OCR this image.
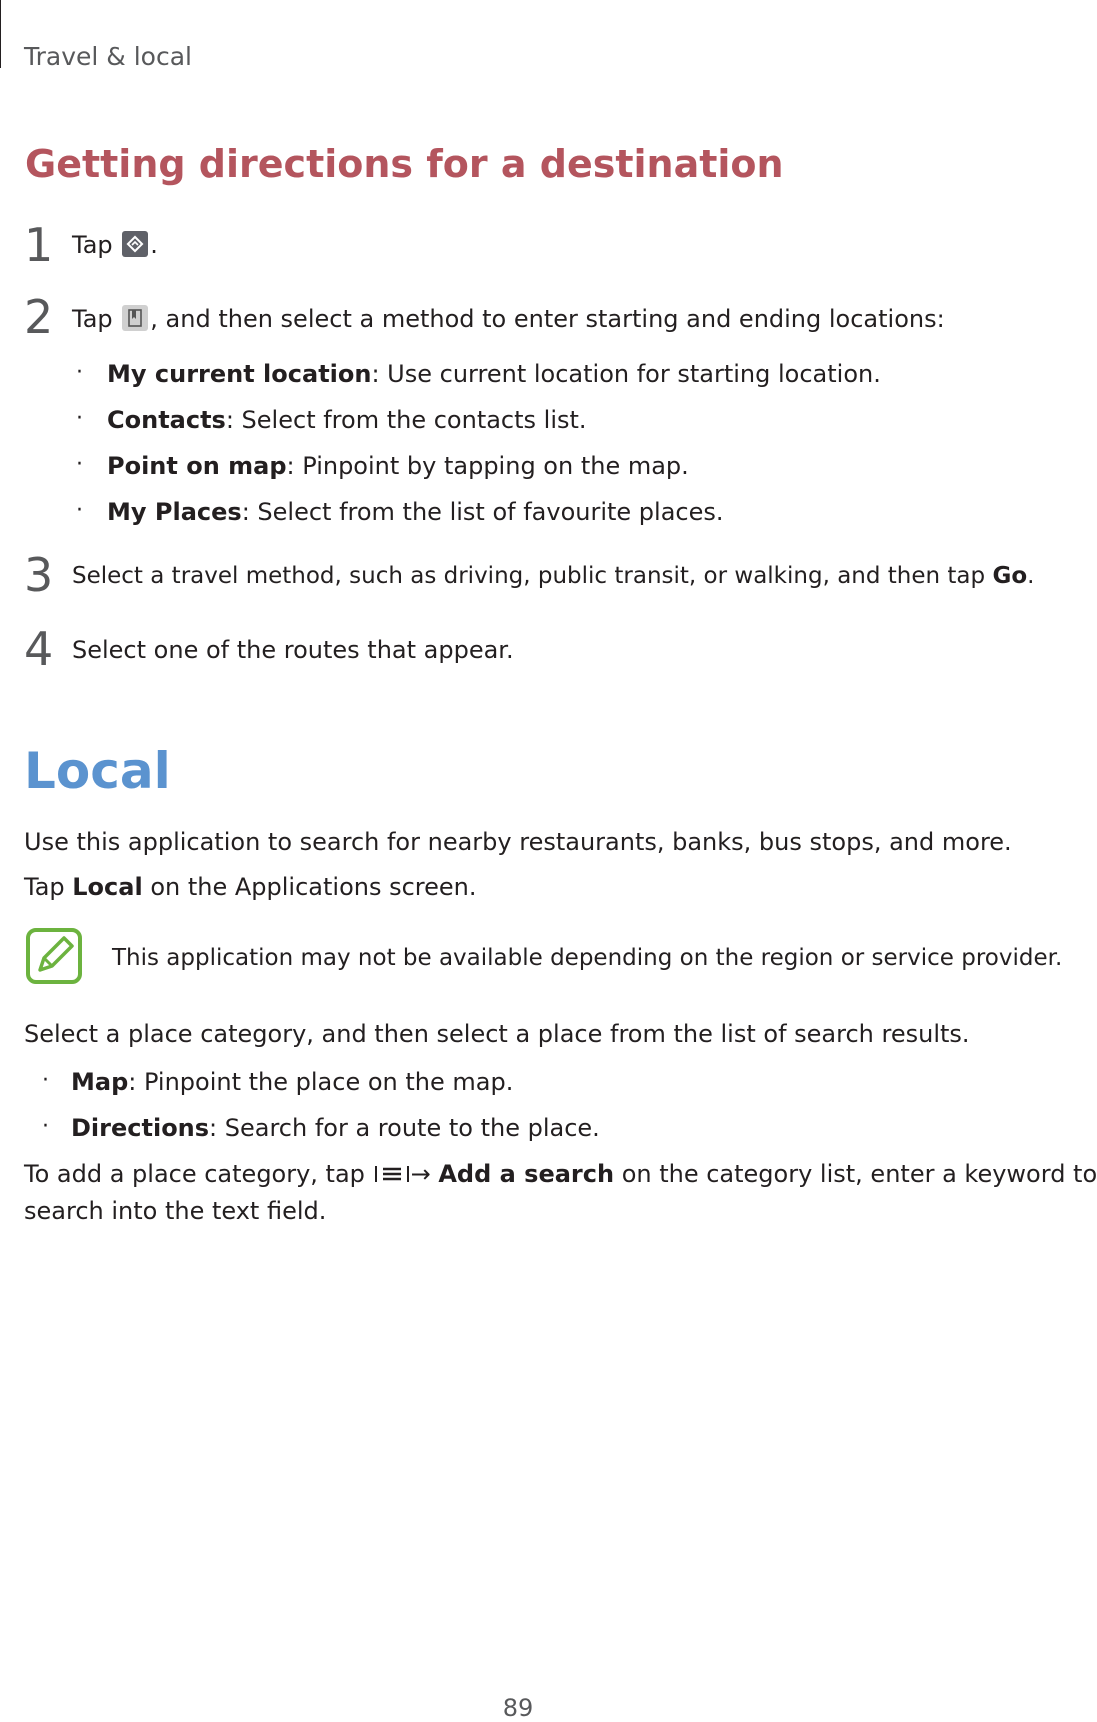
Travel & local
Getting directions for a destination
1 Tap .
2 Tap , and then select a method to enter starting and ending locations:
· My current location: Use current location for starting location.
· Contacts: Select from the contacts list.
· Point on map: Pinpoint by tapping on the map.
· My Places: Select from the list of favourite places.
3 Select a travel method, such as driving, public transit, or walking, and then tap Go.
4 Select one of the routes that appear.
Local
Use this application to search for nearby restaurants, banks, bus stops, and more.
Tap Local on the Applications screen.
This application may not be available depending on the region or service provider.
Select a place category, and then select a place from the list of search results.
· Map: Pinpoint the place on the map.
· Directions: Search for a route to the place.
To add a place category, tap → Add a search on the category list, enter a keyword to
search into the text field.
89
